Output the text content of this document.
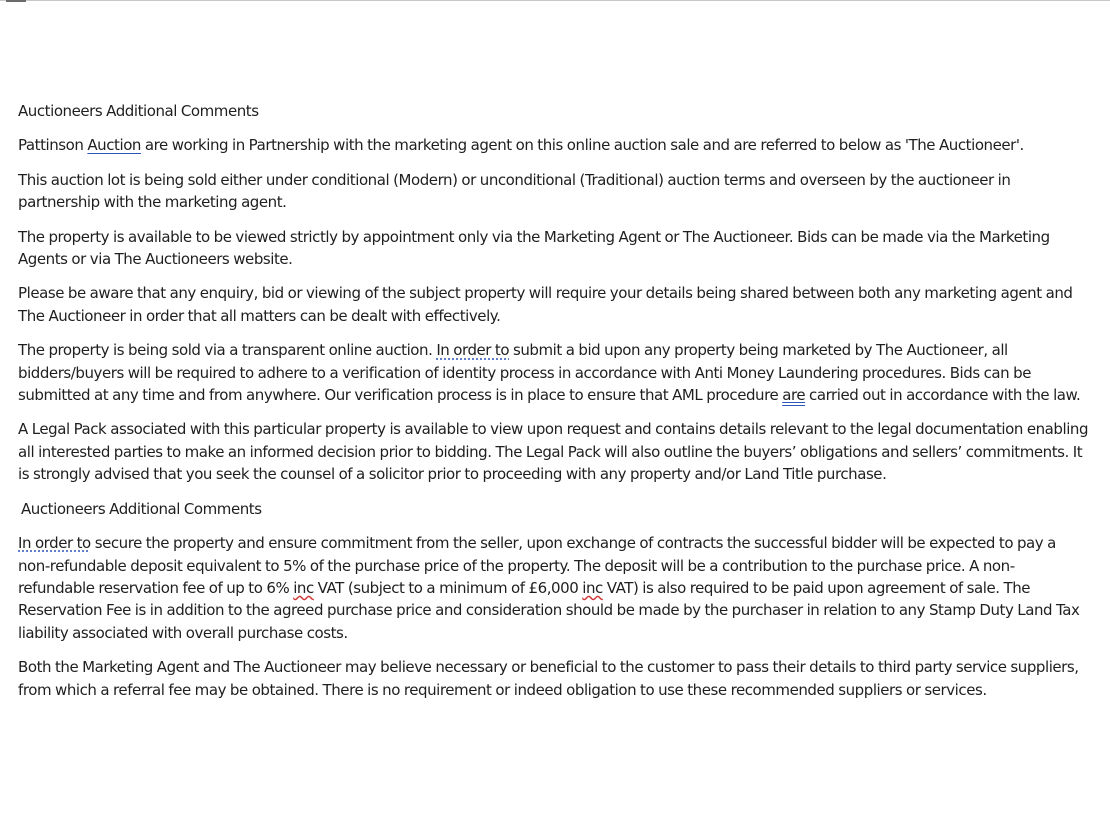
Auctioneers Additional Comments

Pattinson Auction are working in Partnership with the marketing agent on this online auction sale and are referred to below as 'The Auctioneer'.

This auction lot is being sold either under conditional (Modern) or unconditional (Traditional) auction terms and overseen by the auctioneer in partnership with the marketing agent.

The property is available to be viewed strictly by appointment only via the Marketing Agent or The Auctioneer. Bids can be made via the Marketing Agents or via The Auctioneers website.

Please be aware that any enquiry, bid or viewing of the subject property will require your details being shared between both any marketing agent and The Auctioneer in order that all matters can be dealt with effectively.

The property is being sold via a transparent online auction. In order to submit a bid upon any property being marketed by The Auctioneer, all bidders/buyers will be required to adhere to a verification of identity process in accordance with Anti Money Laundering procedures. Bids can be submitted at any time and from anywhere. Our verification process is in place to ensure that AML procedure are carried out in accordance with the law.

A Legal Pack associated with this particular property is available to view upon request and contains details relevant to the legal documentation enabling all interested parties to make an informed decision prior to bidding. The Legal Pack will also outline the buyers’ obligations and sellers’ commitments. It is strongly advised that you seek the counsel of a solicitor prior to proceeding with any property and/or Land Title purchase.

Auctioneers Additional Comments

In order to secure the property and ensure commitment from the seller, upon exchange of contracts the successful bidder will be expected to pay a non-refundable deposit equivalent to 5% of the purchase price of the property. The deposit will be a contribution to the purchase price. A non-refundable reservation fee of up to 6% inc VAT (subject to a minimum of £6,000 inc VAT) is also required to be paid upon agreement of sale. The Reservation Fee is in addition to the agreed purchase price and consideration should be made by the purchaser in relation to any Stamp Duty Land Tax liability associated with overall purchase costs.

Both the Marketing Agent and The Auctioneer may believe necessary or beneficial to the customer to pass their details to third party service suppliers, from which a referral fee may be obtained. There is no requirement or indeed obligation to use these recommended suppliers or services.
